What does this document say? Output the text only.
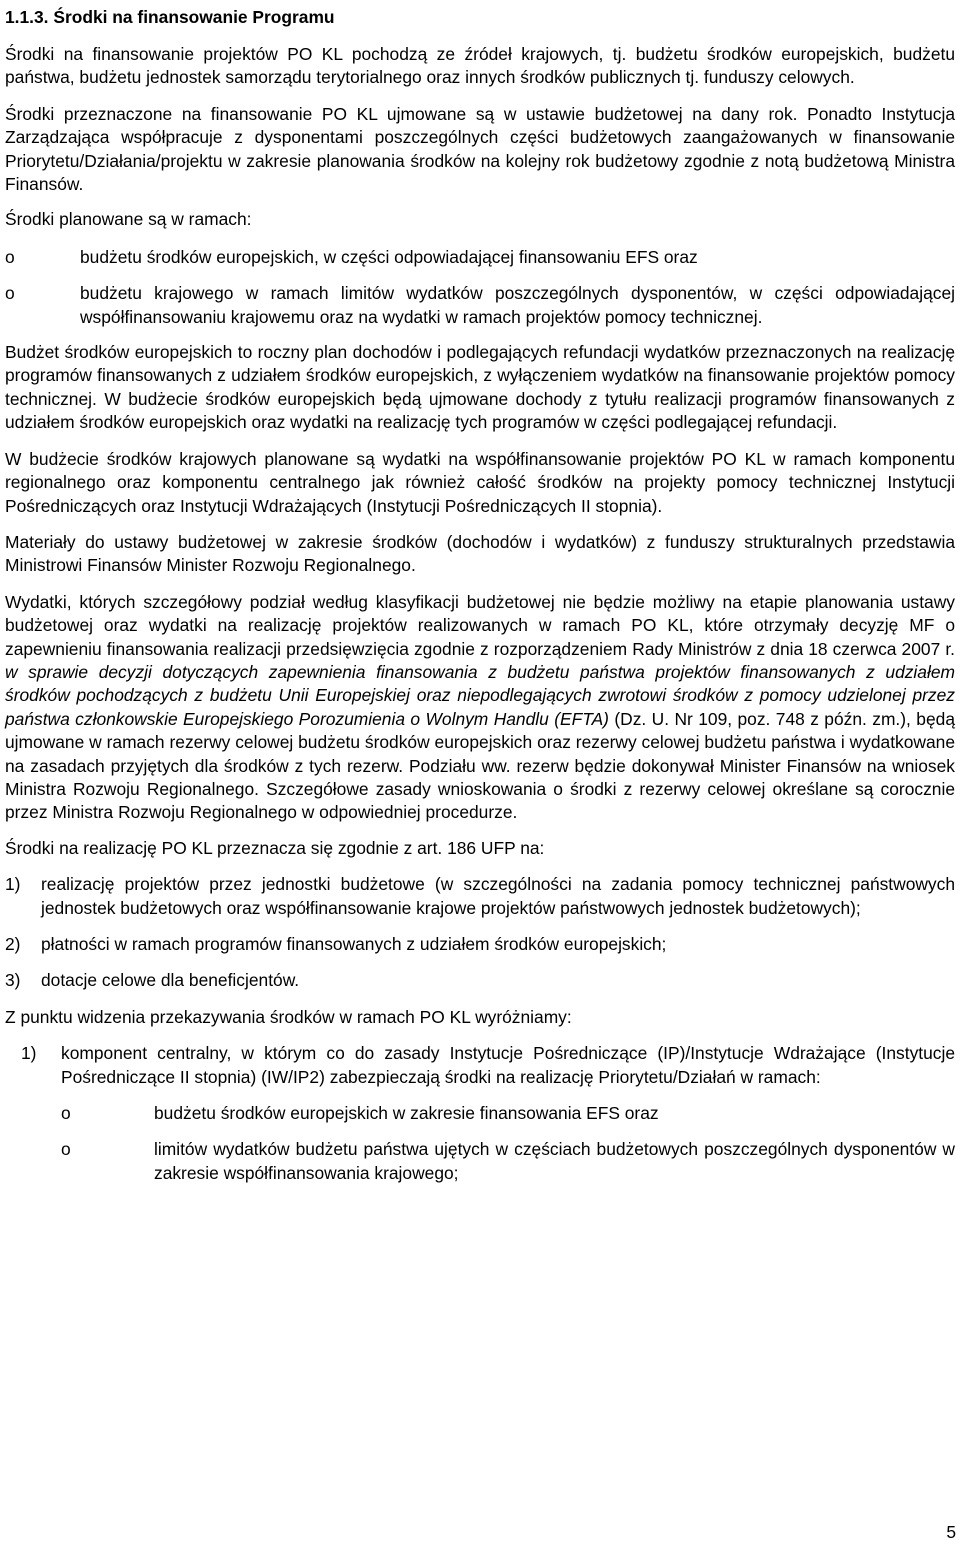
1.1.3. Środki na finansowanie Programu

Środki na finansowanie projektów PO KL pochodzą ze źródeł krajowych, tj. budżetu środków europejskich, budżetu państwa, budżetu jednostek samorządu terytorialnego oraz innych środków publicznych tj. funduszy celowych.

Środki przeznaczone na finansowanie PO KL ujmowane są w ustawie budżetowej na dany rok. Ponadto Instytucja Zarządzająca współpracuje z dysponentami poszczególnych części budżetowych zaangażowanych w finansowanie Priorytetu/Działania/projektu w zakresie planowania środków na kolejny rok budżetowy zgodnie z notą budżetową Ministra Finansów.

Środki planowane są w ramach:

o	budżetu środków europejskich, w części odpowiadającej finansowaniu EFS oraz
o	budżetu krajowego w ramach limitów wydatków poszczególnych dysponentów, w części odpowiadającej współfinansowaniu krajowemu oraz na wydatki w ramach projektów pomocy technicznej.

Budżet środków europejskich to roczny plan dochodów i podlegających refundacji wydatków przeznaczonych na realizację programów finansowanych z udziałem środków europejskich, z wyłączeniem wydatków na finansowanie projektów pomocy technicznej. W budżecie środków europejskich będą ujmowane dochody z tytułu realizacji programów finansowanych z udziałem środków europejskich oraz wydatki na realizację tych programów w części podlegającej refundacji.

W budżecie środków krajowych planowane są wydatki na współfinansowanie projektów PO KL w ramach komponentu regionalnego oraz komponentu centralnego jak również całość środków na projekty pomocy technicznej Instytucji Pośredniczących oraz Instytucji Wdrażających (Instytucji Pośredniczących II stopnia).

Materiały do ustawy budżetowej w zakresie środków (dochodów i wydatków) z funduszy strukturalnych przedstawia Ministrowi Finansów Minister Rozwoju Regionalnego.

Wydatki, których szczegółowy podział według klasyfikacji budżetowej nie będzie możliwy na etapie planowania ustawy budżetowej oraz wydatki na realizację projektów realizowanych w ramach PO KL, które otrzymały decyzję MF o zapewnieniu finansowania realizacji przedsięwzięcia zgodnie z rozporządzeniem Rady Ministrów z dnia 18 czerwca 2007 r. w sprawie decyzji dotyczących zapewnienia finansowania z budżetu państwa projektów finansowanych z udziałem środków pochodzących z budżetu Unii Europejskiej oraz niepodlegających zwrotowi środków z pomocy udzielonej przez państwa członkowskie Europejskiego Porozumienia o Wolnym Handlu (EFTA) (Dz. U. Nr 109, poz. 748 z późn. zm.), będą ujmowane w ramach rezerwy celowej budżetu środków europejskich oraz rezerwy celowej budżetu państwa i wydatkowane na zasadach przyjętych dla środków z tych rezerw. Podziału ww. rezerw będzie dokonywał Minister Finansów na wniosek Ministra Rozwoju Regionalnego. Szczegółowe zasady wnioskowania o środki z rezerwy celowej określane są corocznie przez Ministra Rozwoju Regionalnego w odpowiedniej procedurze.

Środki na realizację PO KL przeznacza się zgodnie z art. 186 UFP na:

1)	realizację projektów przez jednostki budżetowe (w szczególności na zadania pomocy technicznej państwowych jednostek budżetowych oraz współfinansowanie krajowe projektów państwowych jednostek budżetowych);
2)	płatności w ramach programów finansowanych z udziałem środków europejskich;
3)	dotacje celowe dla beneficjentów.

Z punktu widzenia przekazywania środków w ramach PO KL wyróżniamy:

1)	komponent centralny, w którym co do zasady Instytucje Pośredniczące (IP)/Instytucje Wdrażające (Instytucje Pośredniczące II stopnia) (IW/IP2) zabezpieczają środki na realizację Priorytetu/Działań w ramach:
o	budżetu środków europejskich w zakresie finansowania EFS oraz
o	limitów wydatków budżetu państwa ujętych w częściach budżetowych poszczególnych dysponentów w zakresie współfinansowania krajowego;
5
